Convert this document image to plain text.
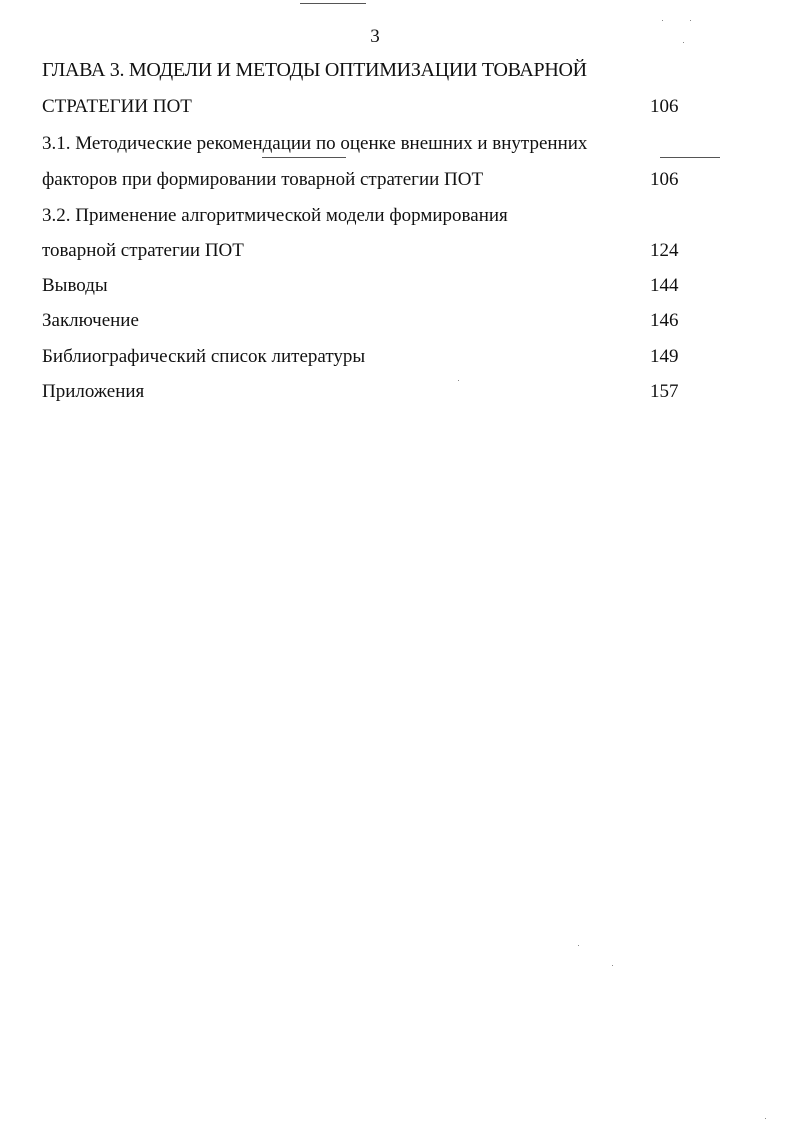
3
ГЛАВА 3. МОДЕЛИ И МЕТОДЫ ОПТИМИЗАЦИИ ТОВАРНОЙ
СТРАТЕГИИ ПОТ	106
3.1. Методические рекомендации по оценке внешних и внутренних
факторов при формировании товарной стратегии ПОТ	106
3.2. Применение алгоритмической модели формирования
товарной стратегии ПОТ	124
Выводы	144
Заключение	146
Библиографический список литературы	149
Приложения	157
